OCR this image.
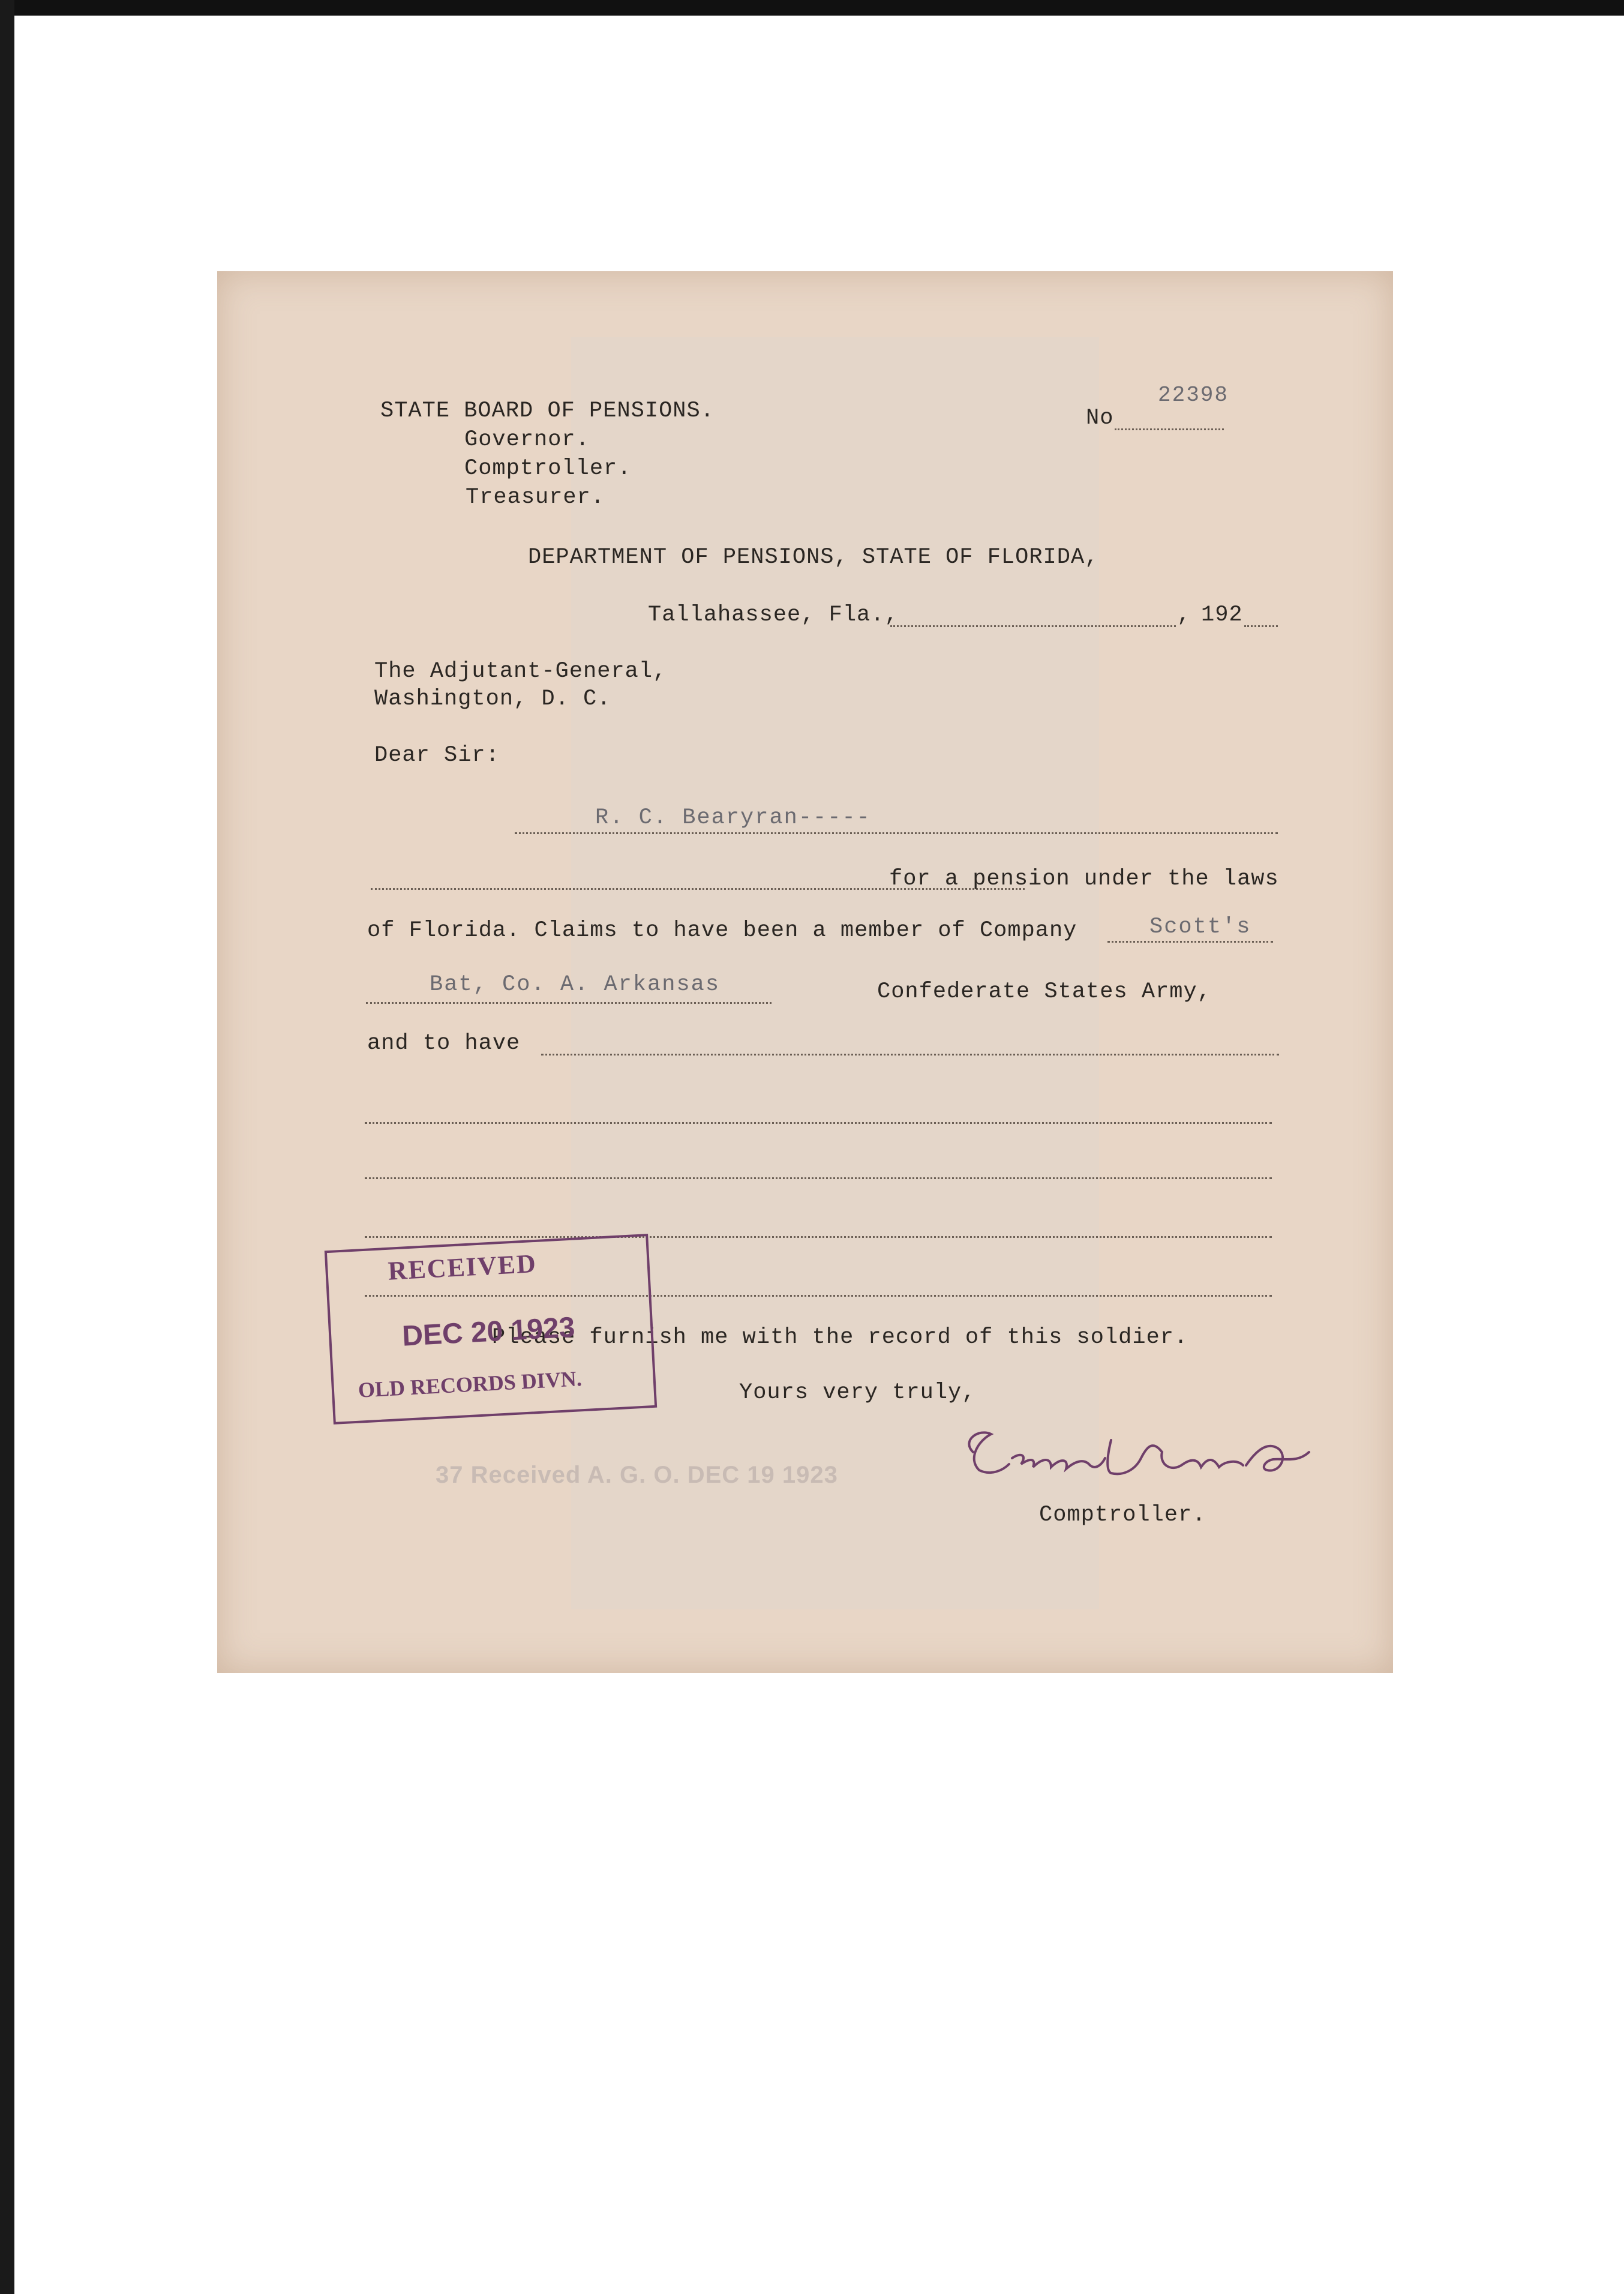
STATE BOARD OF PENSIONS.
Governor.
Comptroller.
Treasurer.
22398
No
DEPARTMENT OF PENSIONS, STATE OF FLORIDA,
Tallahassee, Fla.,	, 192
The Adjutant-General,
Washington, D. C.
Dear Sir:
R. C. Bearyran-----
for a pension under the laws
of Florida. Claims to have been a member of Company	Scott's
Bat, Co. A. Arkansas	Confederate States Army,
and to have
Please furnish me with the record of this soldier.
Yours very truly,
Comptroller.
RECEIVED
DEC 20 1923
OLD RECORDS DIVN.
37 Received A. G. O. DEC 19 1923
